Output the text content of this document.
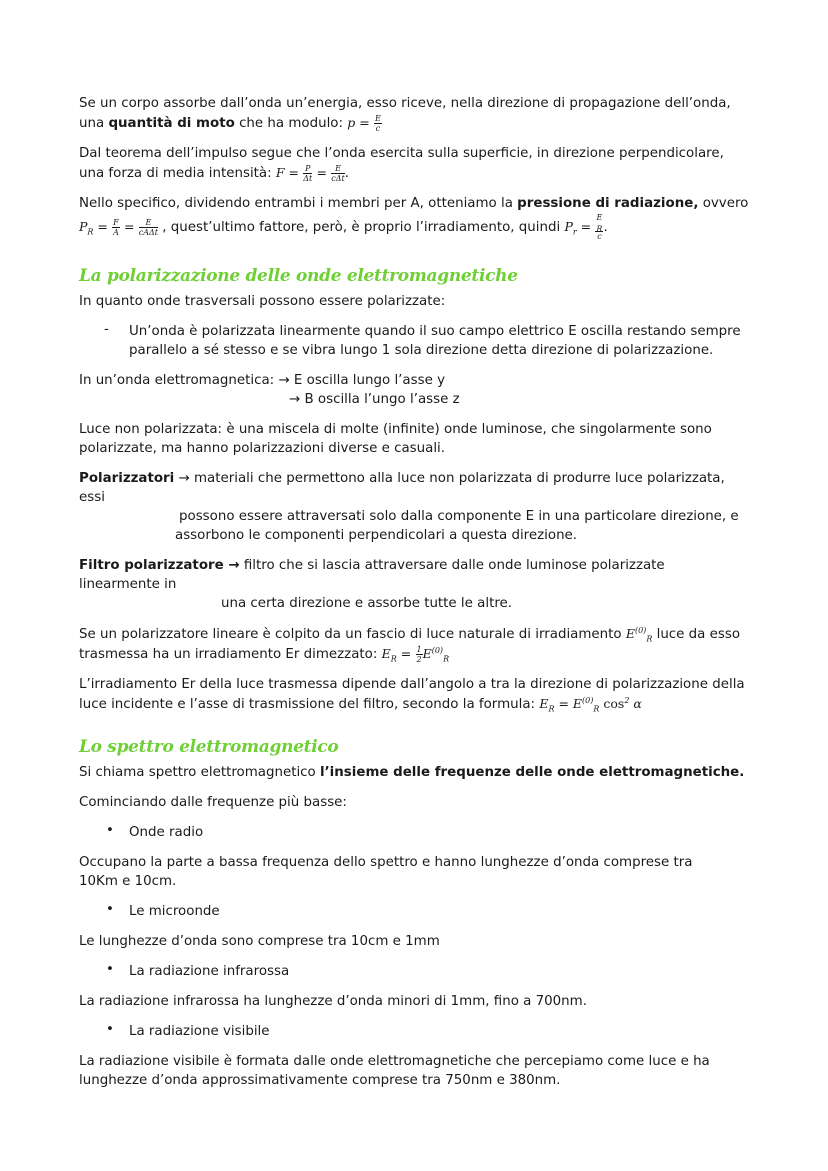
Se un corpo assorbe dall’onda un’energia, esso riceve, nella direzione di propagazione dell’onda,

una quantità di moto che ha modulo: $p = \frac{E}{c}$

Dal teorema dell’impulso segue che l’onda esercita sulla superficie, in direzione perpendicolare,

una forza di media intensità: $F = \frac{P}{\Delta t} = \frac{E}{\text{cΔt}}$ .

Nello specifico, dividendo entrambi i membri per A, otteniamo la pressione di radiazione, ovvero

$P_R = \frac{F}{A} = \frac{E}{\text{cAΔt}}$ , quest’ultimo fattore, però, è proprio l’irradiamento, quindi $P_r = E$
$_R$
c .

La polarizzazione delle onde elettromagnetiche

In quanto onde trasversali possono essere polarizzate:

- Un’onda è polarizzata linearmente quando il suo campo elettrico E oscilla restando sempre

parallelo a sé stesso e se vibra lungo 1 sola direzione detta direzione di polarizzazione.

In un’onda elettromagnetica: → E oscilla lungo l’asse y

→ B oscilla l’ungo l’asse z

Luce non polarizzata: è una miscela di molte (infinite) onde luminose, che singolarmente sono

polarizzate, ma hanno polarizzazioni diverse e casuali.

Polarizzatori → materiali che permettono alla luce non polarizzata di produrre luce polarizzata, essi

possono essere attraversati solo dalla componente E in una particolare direzione, e

assorbono le componenti perpendicolari a questa direzione.

Filtro polarizzatore → filtro che si lascia attraversare dalle onde luminose polarizzate linearmente in

una certa direzione e assorbe tutte le altre.

Se un polarizzatore lineare è colpito da un fascio di luce naturale di irradiamento $E^{(0)}_R$ luce da esso

trasmessa ha un irradiamento Er dimezzato: $E_R = \frac{1}{2} E^{(0)}_R$

L’irradiamento Er della luce trasmessa dipende dall’angolo a tra la direzione di polarizzazione della

luce incidente e l’asse di trasmissione del filtro, secondo la formula: $E_R = E^{(0)}_R$ $\cos^2 \alpha$

Lo spettro elettromagnetico

Si chiama spettro elettromagnetico l’insieme delle frequenze delle onde elettromagnetiche.

Cominciando dalle frequenze più basse:

• Onde radio

Occupano la parte a bassa frequenza dello spettro e hanno lunghezze d’onda comprese tra

10Km e 10cm.

• Le microonde

Le lunghezze d’onda sono comprese tra 10cm e 1mm

• La radiazione infrarossa

La radiazione infrarossa ha lunghezze d’onda minori di 1mm, fino a 700nm.

• La radiazione visibile

La radiazione visibile è formata dalle onde elettromagnetiche che percepiamo come luce e ha

lunghezze d’onda approssimativamente comprese tra 750nm e 380nm.
